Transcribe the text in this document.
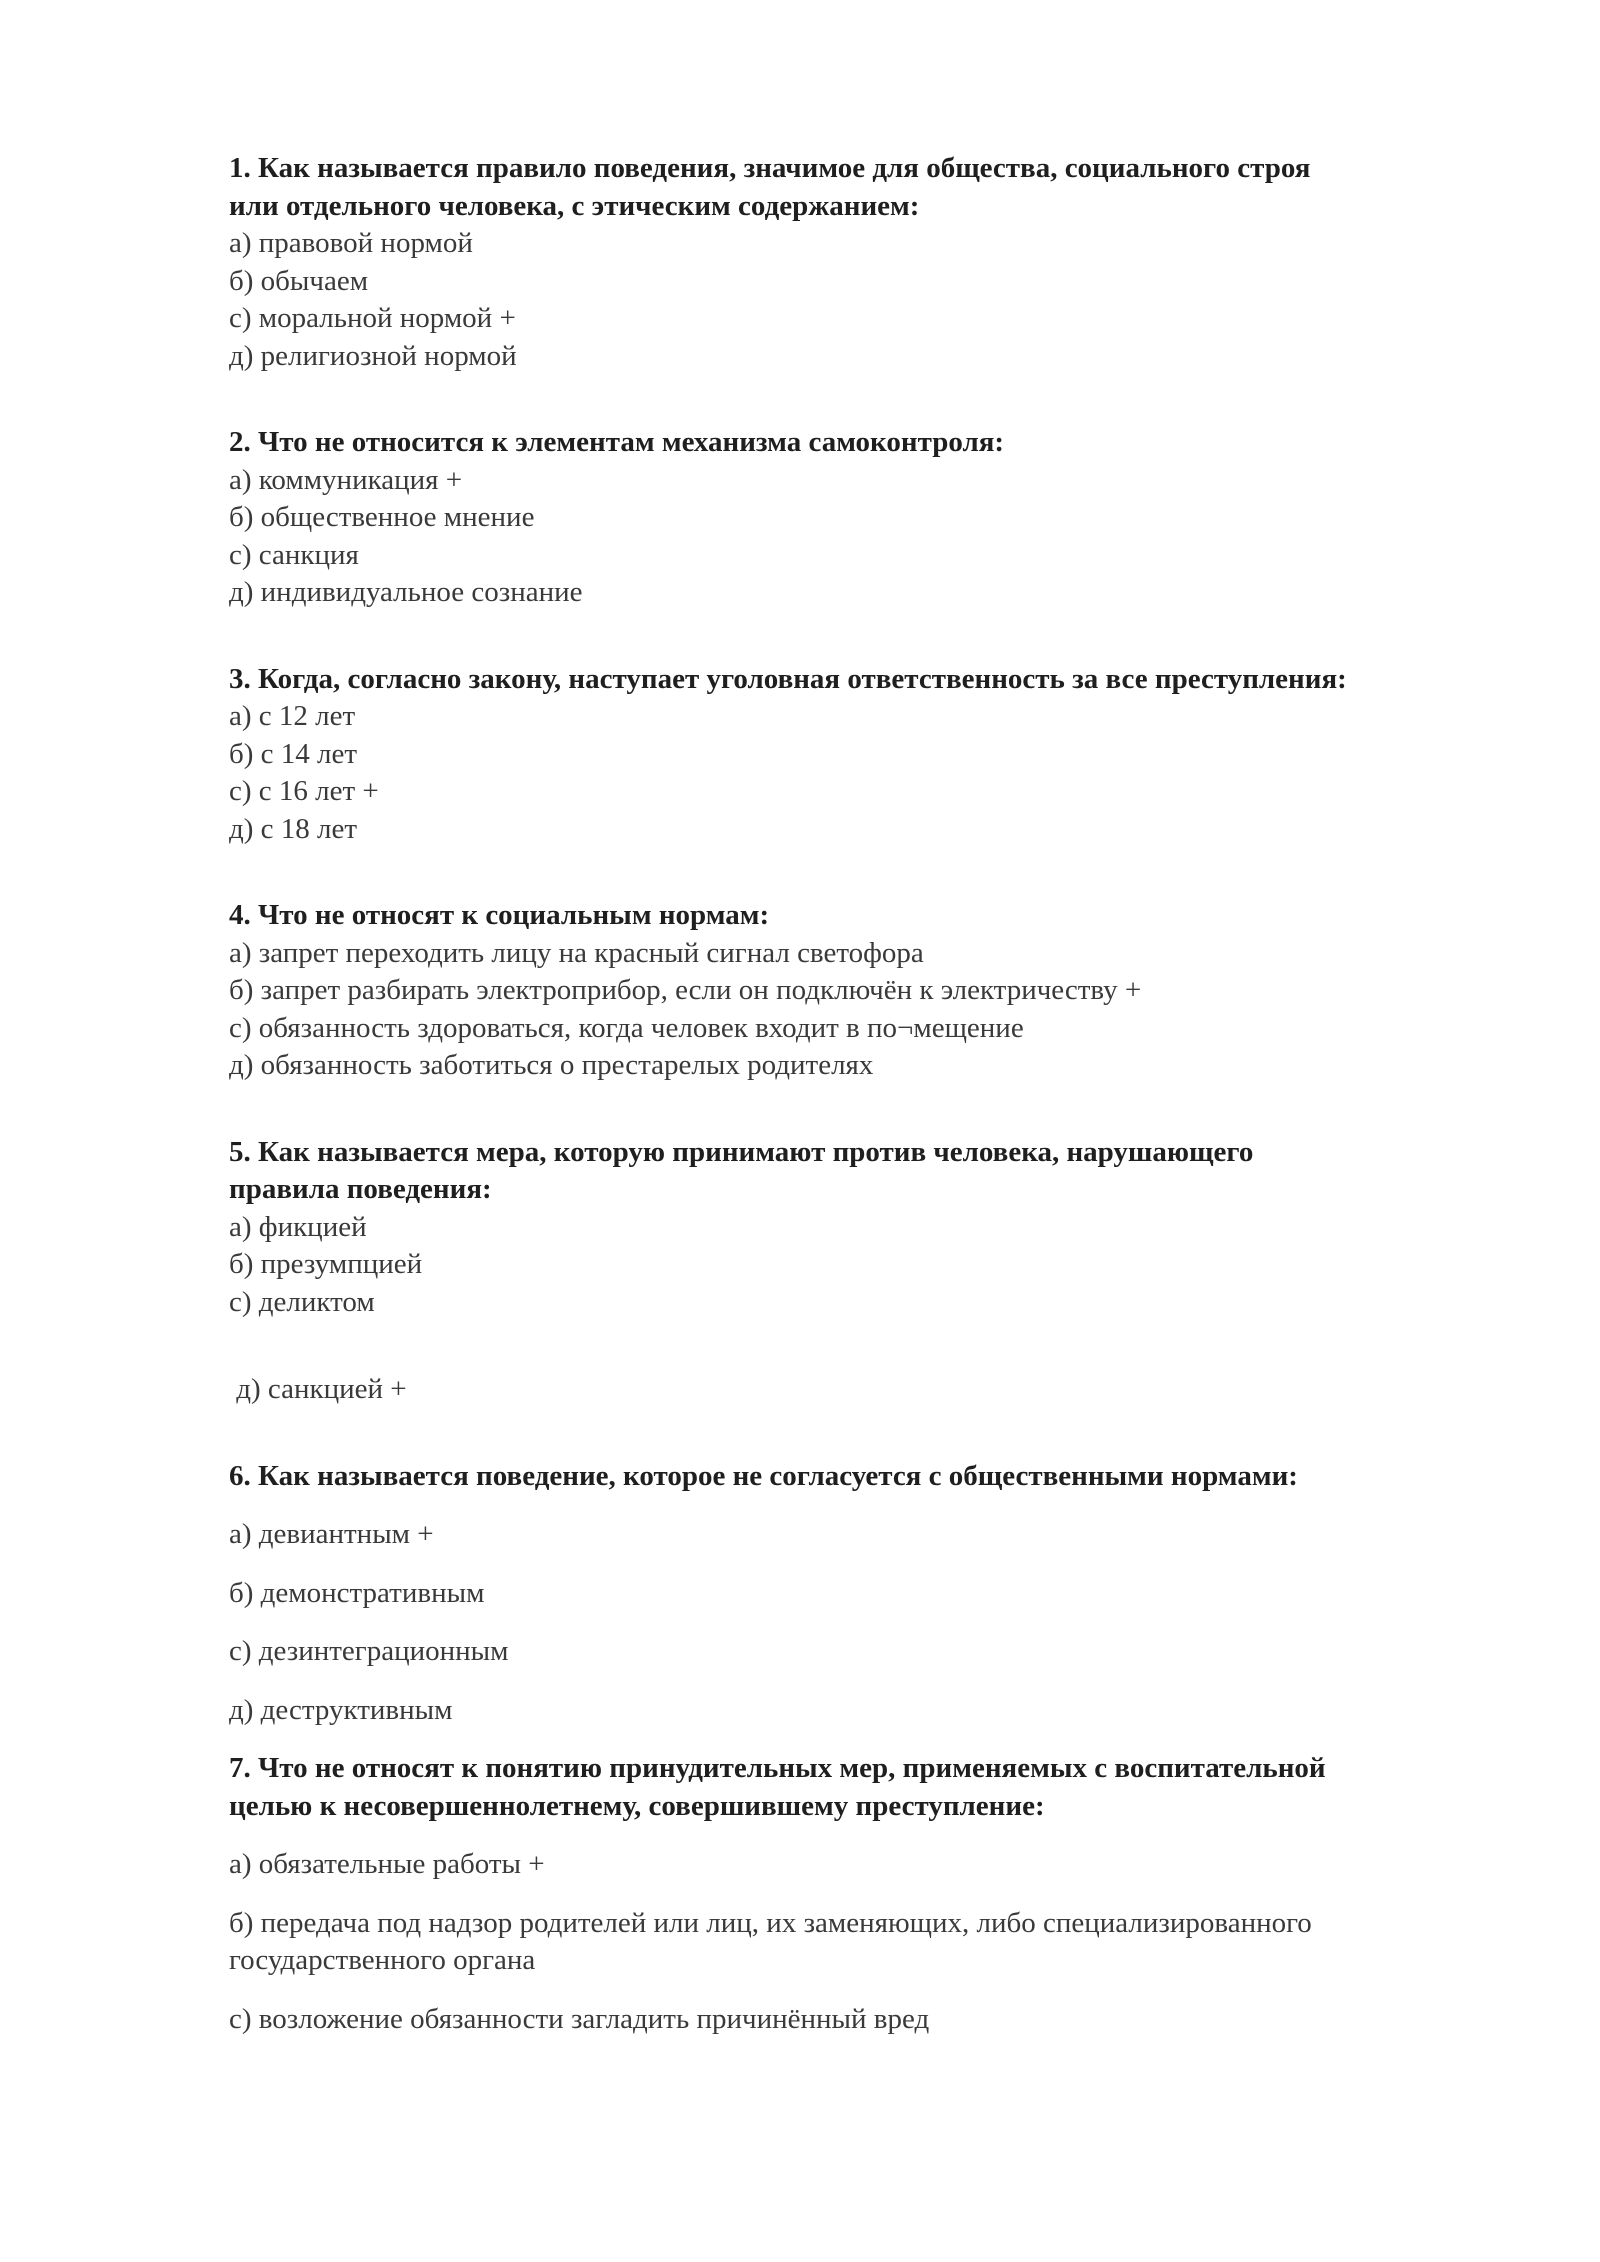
1. Как называется правило поведения, значимое для общества, социального строя
или отдельного человека, с этическим содержанием:
а) правовой нормой
б) обычаем
с) моральной нормой +
д) религиозной нормой
2. Что не относится к элементам механизма самоконтроля:
а) коммуникация +
б) общественное мнение
с) санкция
д) индивидуальное сознание
3. Когда, согласно закону, наступает уголовная ответственность за все преступления:
а) с 12 лет
б) с 14 лет
с) с 16 лет +
д) с 18 лет
4. Что не относят к социальным нормам:
а) запрет переходить лицу на красный сигнал светофора
б) запрет разбирать электроприбор, если он подключён к электричеству +
с) обязанность здороваться, когда человек входит в по¬мещение
д) обязанность заботиться о престарелых родителях
5. Как называется мера, которую принимают против человека, нарушающего
правила поведения:
а) фикцией
б) презумпцией
с) деликтом
д) санкцией +
6. Как называется поведение, которое не согласуется с общественными нормами:
а) девиантным +
б) демонстративным
с) дезинтеграционным
д) деструктивным
7. Что не относят к понятию принудительных мер, применяемых с воспитательной
целью к несовершеннолетнему, совершившему преступление:
а) обязательные работы +
б) передача под надзор родителей или лиц, их заменяющих, либо специализированного
государственного органа
с) возложение обязанности загладить причинённый вред
